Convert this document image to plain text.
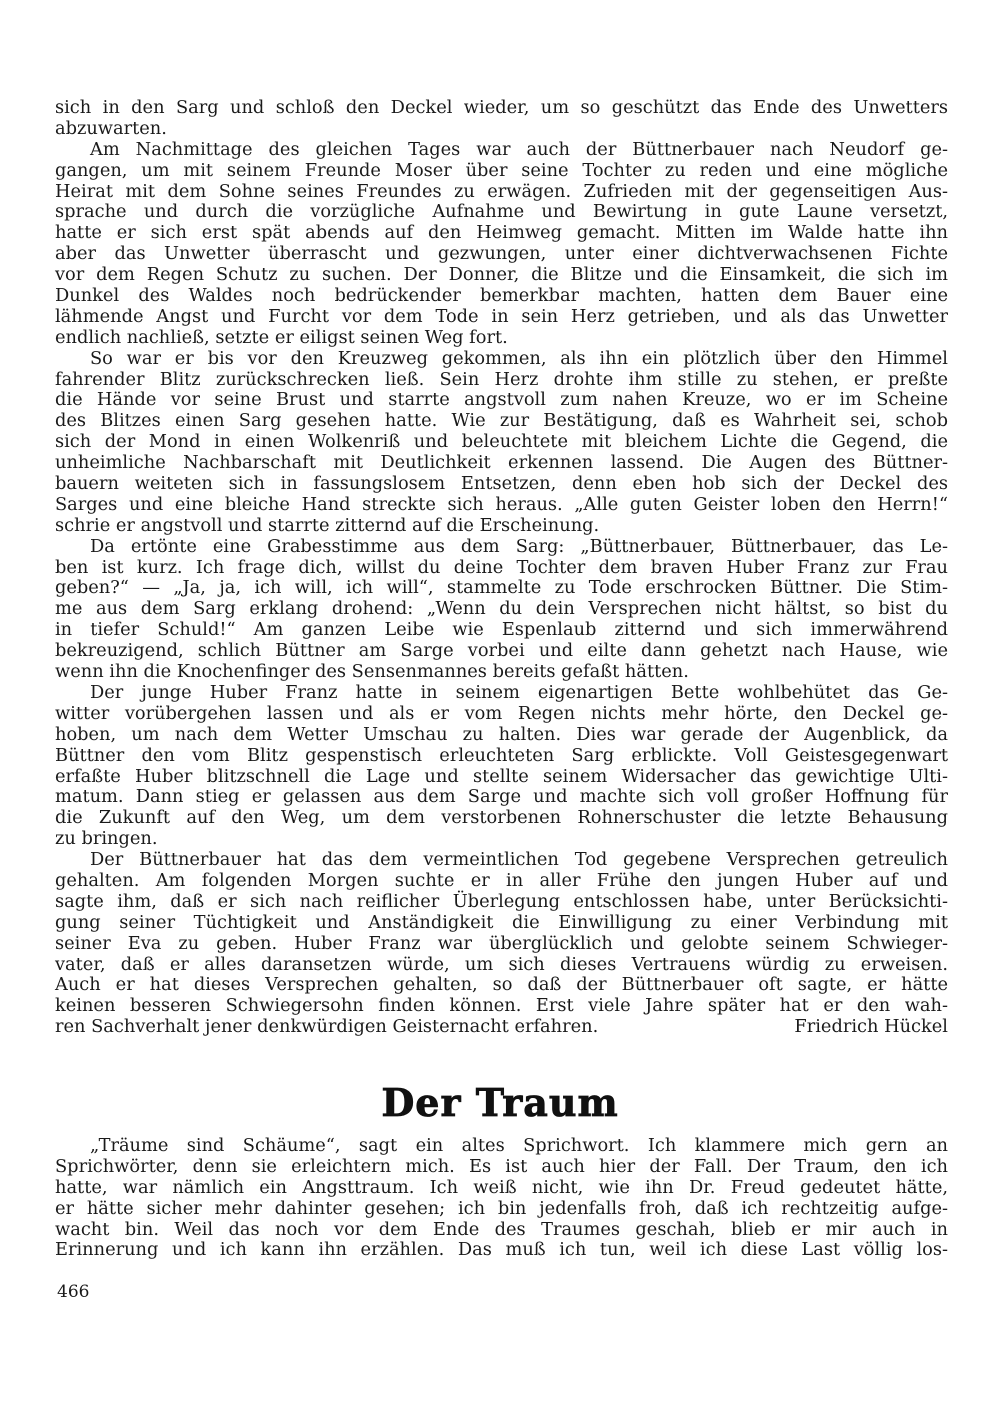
sich in den Sarg und schloß den Deckel wieder, um so geschützt das Ende des Unwetters
abzuwarten.
Am Nachmittage des gleichen Tages war auch der Büttnerbauer nach Neudorf ge-
gangen, um mit seinem Freunde Moser über seine Tochter zu reden und eine mögliche
Heirat mit dem Sohne seines Freundes zu erwägen. Zufrieden mit der gegenseitigen Aus-
sprache und durch die vorzügliche Aufnahme und Bewirtung in gute Laune versetzt,
hatte er sich erst spät abends auf den Heimweg gemacht. Mitten im Walde hatte ihn
aber das Unwetter überrascht und gezwungen, unter einer dichtverwachsenen Fichte
vor dem Regen Schutz zu suchen. Der Donner, die Blitze und die Einsamkeit, die sich im
Dunkel des Waldes noch bedrückender bemerkbar machten, hatten dem Bauer eine
lähmende Angst und Furcht vor dem Tode in sein Herz getrieben, und als das Unwetter
endlich nachließ, setzte er eiligst seinen Weg fort.
So war er bis vor den Kreuzweg gekommen, als ihn ein plötzlich über den Himmel
fahrender Blitz zurückschrecken ließ. Sein Herz drohte ihm stille zu stehen, er preßte
die Hände vor seine Brust und starrte angstvoll zum nahen Kreuze, wo er im Scheine
des Blitzes einen Sarg gesehen hatte. Wie zur Bestätigung, daß es Wahrheit sei, schob
sich der Mond in einen Wolkenriß und beleuchtete mit bleichem Lichte die Gegend, die
unheimliche Nachbarschaft mit Deutlichkeit erkennen lassend. Die Augen des Büttner-
bauern weiteten sich in fassungslosem Entsetzen, denn eben hob sich der Deckel des
Sarges und eine bleiche Hand streckte sich heraus. „Alle guten Geister loben den Herrn!“
schrie er angstvoll und starrte zitternd auf die Erscheinung.
Da ertönte eine Grabesstimme aus dem Sarg: „Büttnerbauer, Büttnerbauer, das Le-
ben ist kurz. Ich frage dich, willst du deine Tochter dem braven Huber Franz zur Frau
geben?“ — „Ja, ja, ich will, ich will“, stammelte zu Tode erschrocken Büttner. Die Stim-
me aus dem Sarg erklang drohend: „Wenn du dein Versprechen nicht hältst, so bist du
in tiefer Schuld!“ Am ganzen Leibe wie Espenlaub zitternd und sich immerwährend
bekreuzigend, schlich Büttner am Sarge vorbei und eilte dann gehetzt nach Hause, wie
wenn ihn die Knochenfinger des Sensenmannes bereits gefaßt hätten.
Der junge Huber Franz hatte in seinem eigenartigen Bette wohlbehütet das Ge-
witter vorübergehen lassen und als er vom Regen nichts mehr hörte, den Deckel ge-
hoben, um nach dem Wetter Umschau zu halten. Dies war gerade der Augenblick, da
Büttner den vom Blitz gespenstisch erleuchteten Sarg erblickte. Voll Geistesgegenwart
erfaßte Huber blitzschnell die Lage und stellte seinem Widersacher das gewichtige Ulti-
matum. Dann stieg er gelassen aus dem Sarge und machte sich voll großer Hoffnung für
die Zukunft auf den Weg, um dem verstorbenen Rohnerschuster die letzte Behausung
zu bringen.
Der Büttnerbauer hat das dem vermeintlichen Tod gegebene Versprechen getreulich
gehalten. Am folgenden Morgen suchte er in aller Frühe den jungen Huber auf und
sagte ihm, daß er sich nach reiflicher Überlegung entschlossen habe, unter Berücksichti-
gung seiner Tüchtigkeit und Anständigkeit die Einwilligung zu einer Verbindung mit
seiner Eva zu geben. Huber Franz war überglücklich und gelobte seinem Schwieger-
vater, daß er alles daransetzen würde, um sich dieses Vertrauens würdig zu erweisen.
Auch er hat dieses Versprechen gehalten, so daß der Büttnerbauer oft sagte, er hätte
keinen besseren Schwiegersohn finden können. Erst viele Jahre später hat er den wah-
ren Sachverhalt jener denkwürdigen Geisternacht erfahren.	Friedrich Hückel
Der Traum
„Träume sind Schäume“, sagt ein altes Sprichwort. Ich klammere mich gern an
Sprichwörter, denn sie erleichtern mich. Es ist auch hier der Fall. Der Traum, den ich
hatte, war nämlich ein Angsttraum. Ich weiß nicht, wie ihn Dr. Freud gedeutet hätte,
er hätte sicher mehr dahinter gesehen; ich bin jedenfalls froh, daß ich rechtzeitig aufge-
wacht bin. Weil das noch vor dem Ende des Traumes geschah, blieb er mir auch in
Erinnerung und ich kann ihn erzählen. Das muß ich tun, weil ich diese Last völlig los-
466
